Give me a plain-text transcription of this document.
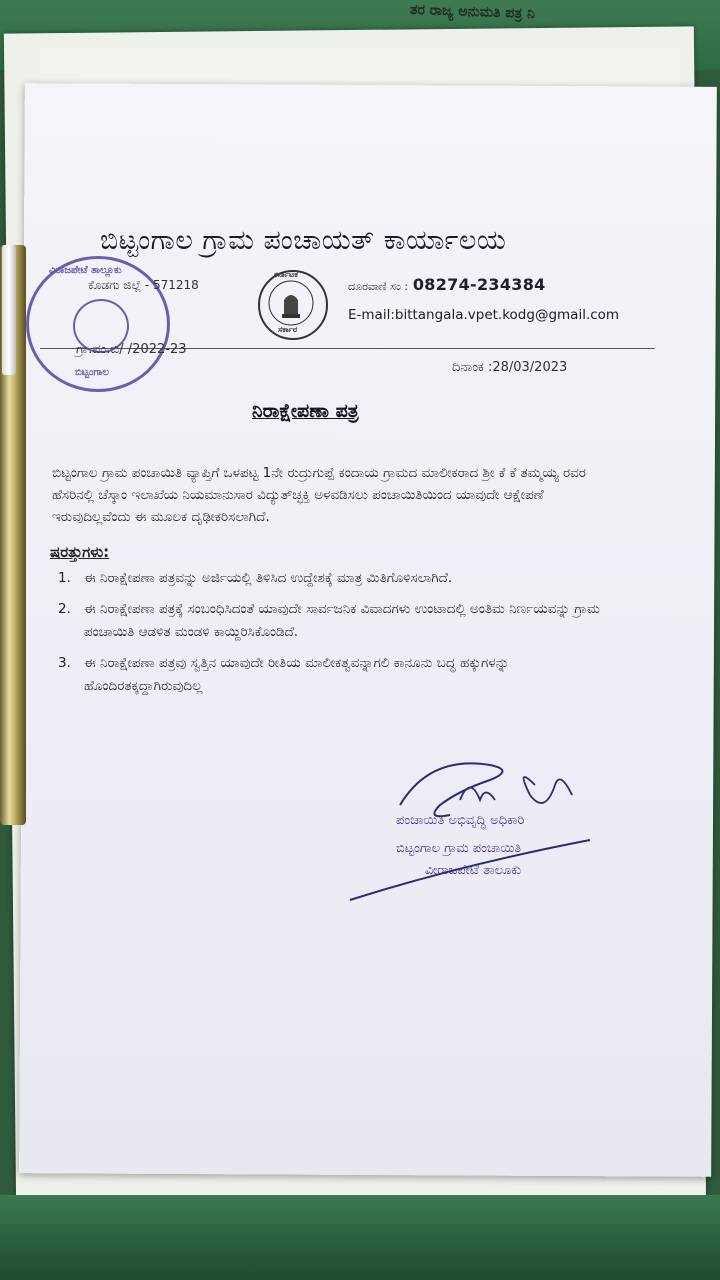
ತರ ರಾಜ್ಯ ಅನುಮತಿ ಪತ್ರ ನಿ
ಬಿಟ್ಟಂಗಾಲ ಗ್ರಾಮ ಪಂಚಾಯತ್ ಕಾರ್ಯಾಲಯ
ವಿರಾಜಪೇಟೆ ತಾಲ್ಲೂಕು
ಬಿಟ್ಟಂಗಾಲ
ಕೊಡಗು ಜಿಲ್ಲೆ - 571218
ಕರ್ನಾಟಕ
ಸರ್ಕಾರ
ದೂರವಾಣಿ ಸಂ : 08274-234384
E-mail:bittangala.vpet.kodg@gmail.com
ಗ್ರಾ.ಪಂ.ಬಿ/ /2022-23
ದಿನಾಂಕ :28/03/2023
ನಿರಾಕ್ಷೇಪಣಾ ಪತ್ರ
ಬಿಟ್ಟಂಗಾಲ ಗ್ರಾಮ ಪಂಚಾಯಿತಿ ವ್ಯಾಪ್ತಿಗೆ ಒಳಪಟ್ಟ 1ನೇ ರುದ್ರುಗುಪ್ಪೆ ಕಂದಾಯ ಗ್ರಾಮದ ಮಾಲೀಕರಾದ ಶ್ರೀ ಕೆ ಕೆ ತಮ್ಮಯ್ಯ ರವರ ಹೆಸರಿನಲ್ಲಿ ಚೆಸ್ಕಾಂ ಇಲಾಖೆಯ ನಿಯಮಾನುಸಾರ ವಿದ್ಯುತ್‌ಚ್ಛಕ್ತಿ ಅಳವಡಿಸಲು ಪಂಚಾಯಿತಿಯಿಂದ ಯಾವುದೇ ಆಕ್ಷೇಪಣೆ ಇರುವುದಿಲ್ಲವೆಂದು ಈ ಮೂಲಕ ದೃಢೀಕರಿಸಲಾಗಿದೆ.
ಷರತ್ತುಗಳು:
1. ಈ ನಿರಾಕ್ಷೇಪಣಾ ಪತ್ರವನ್ನು ಅರ್ಜಿಯಲ್ಲಿ ತಿಳಿಸಿದ ಉದ್ದೇಶಕ್ಕೆ ಮಾತ್ರ ಮಿತಿಗೊಳಿಸಲಾಗಿದೆ.
2. ಈ ನಿರಾಕ್ಷೇಪಣಾ ಪತ್ರಕ್ಕೆ ಸಂಬಂಧಿಸಿದಂತೆ ಯಾವುದೇ ಸಾರ್ವಜನಿಕ ವಿವಾದಗಳು ಉಂಟಾದಲ್ಲಿ ಅಂತಿಮ ನಿರ್ಣಯವನ್ನು ಗ್ರಾಮ ಪಂಚಾಯಿತಿ ಆಡಳಿತ ಮಂಡಳಿ ಕಾಯ್ದಿರಿಸಿಕೊಂಡಿದೆ.
3. ಈ ನಿರಾಕ್ಷೇಪಣಾ ಪತ್ರವು ಸ್ವತ್ತಿನ ಯಾವುದೇ ರೀತಿಯ ಮಾಲೀಕತ್ವವನ್ನಾಗಲಿ ಕಾನೂನು ಬದ್ಧ ಹಕ್ಕುಗಳನ್ನು ಹೊಂದಿರತಕ್ಕದ್ದಾಗಿರುವುದಿಲ್ಲ
ಪಂಚಾಯಿತಿ ಅಭಿವೃದ್ಧಿ ಅಧಿಕಾರಿ
ಬಿಟ್ಟಂಗಾಲ ಗ್ರಾಮ ಪಂಚಾಯಿತಿ
ವೀರಾಜಪೇಟೆ ತಾಲೂಕು
